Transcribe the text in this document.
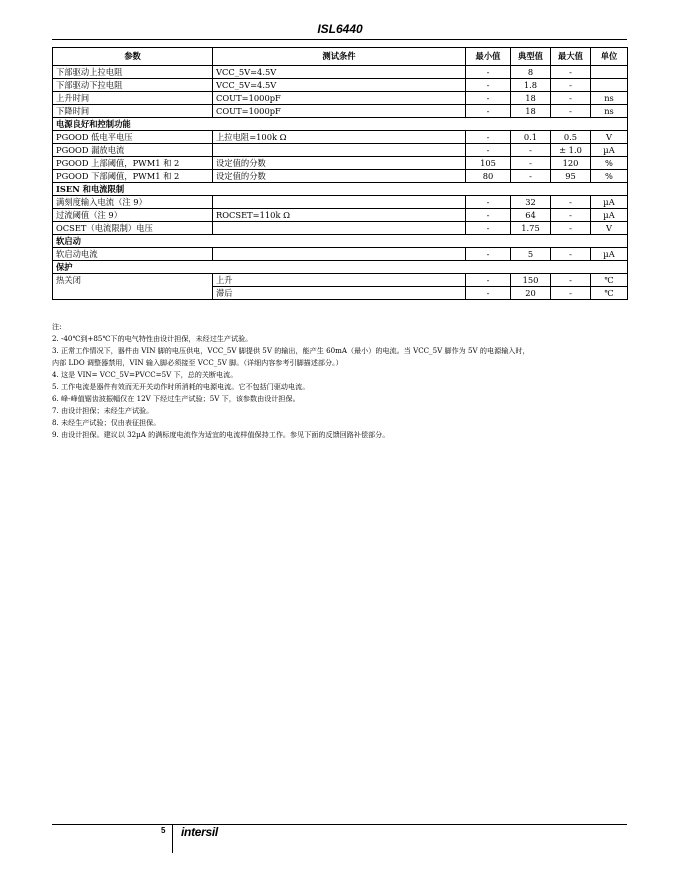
ISL6440
参数	测试条件	最小值	典型值	最大值	单位
下部驱动上拉电阻	VCC_5V=4.5V	-	8	-	
下部驱动下拉电阻	VCC_5V=4.5V	-	1.8	-	
上升时间	COUT=1000pF	-	18	-	ns
下降时间	COUT=1000pF	-	18	-	ns
电源良好和控制功能					
PGOOD 低电平电压	上拉电阻=100k Ω	-	0.1	0.5	V
PGOOD 漏放电流		-	-	± 1.0	µA
PGOOD 上部阈值，PWM1 和 2	设定值的分数	105	-	120	%
PGOOD 下部阈值，PWM1 和 2	设定值的分数	80	-	95	%
ISEN 和电流限制					
满刻度输入电流（注 9）		-	32	-	µA
过流阈值（注 9）	ROCSET=110k Ω	-	64	-	µA
OCSET（电流限制）电压		-	1.75	-	V
软启动					
软启动电流		-	5	-	µA
保护					
热关闭	上升	-	150	-	℃
	滞后	-	20	-	℃
注:
2. -40℃到+85℃下的电气特性由设计担保，未经过生产试验。
3. 正常工作情况下，器件由 VIN 脚的电压供电，VCC_5V 脚提供 5V 的输出，能产生 60mA（最小）的电流。当 VCC_5V 脚作为 5V 的电源输入时，
内部 LDO 调整器禁用，VIN 输入脚必须接至 VCC_5V 脚。（详细内容参考引脚描述部分。）
4. 这是 VIN= VCC_5V=PVCC=5V 下，总的关断电流。
5. 工作电流是器件有效而无开关动作时所消耗的电源电流。它不包括门驱动电流。
6. 峰-峰值锯齿波振幅仅在 12V 下经过生产试验；5V 下，该参数由设计担保。
7. 由设计担保；未经生产试验。
8. 未经生产试验；仅由表征担保。
9. 由设计担保。建议以 32µA 的满标度电流作为适宜的电流样值保持工作。参见下面的反馈回路补偿部分。
5 intersil
